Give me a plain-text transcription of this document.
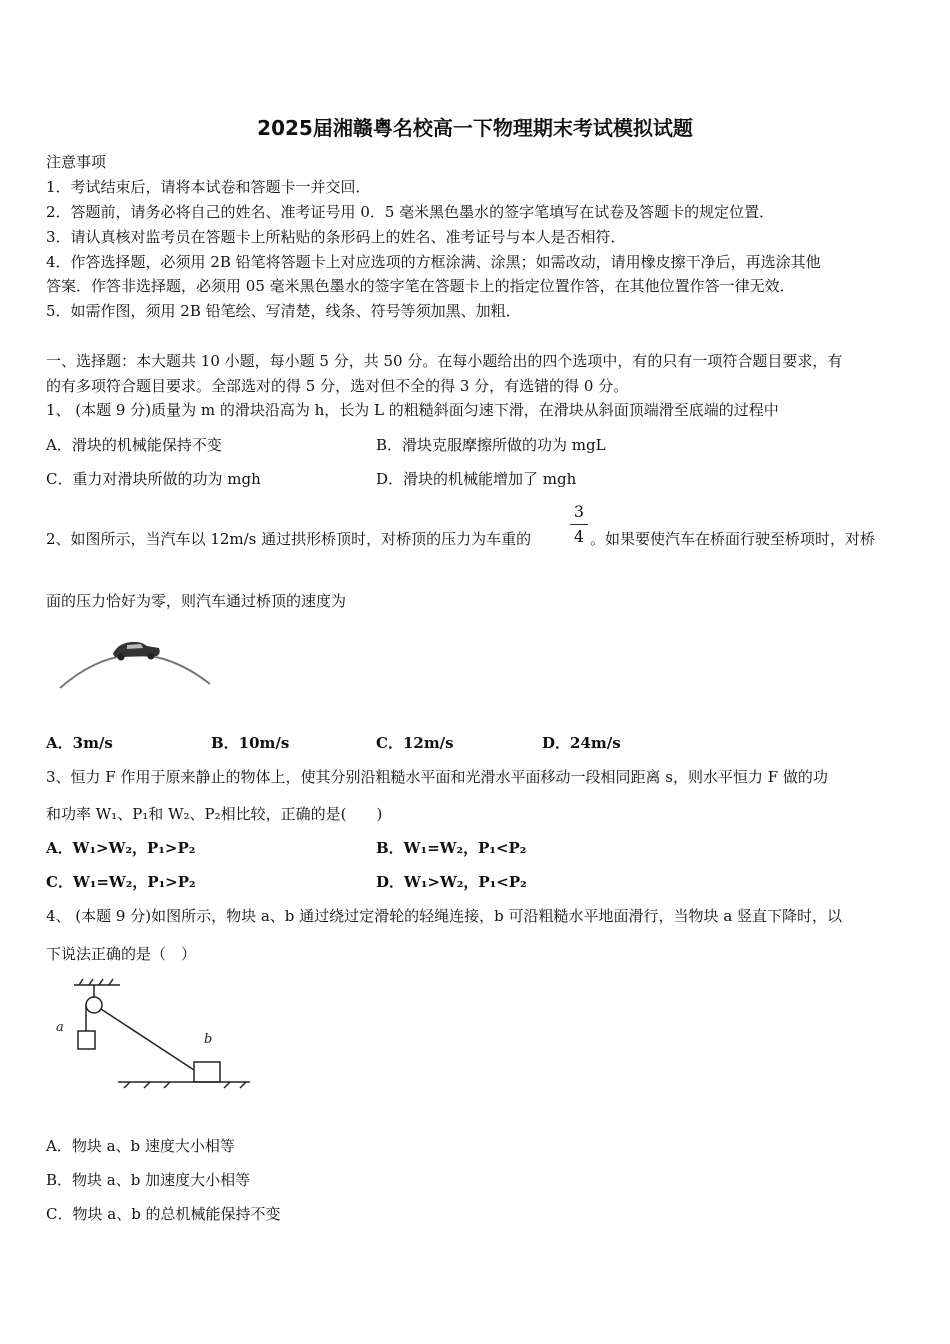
2025届湘赣粤名校高一下物理期末考试模拟试题
注意事项
1．考试结束后，请将本试卷和答题卡一并交回．
2．答题前，请务必将自己的姓名、准考证号用 0．5 毫米黑色墨水的签字笔填写在试卷及答题卡的规定位置．
3．请认真核对监考员在答题卡上所粘贴的条形码上的姓名、准考证号与本人是否相符．
4．作答选择题，必须用 2B 铅笔将答题卡上对应选项的方框涂满、涂黑；如需改动，请用橡皮擦干净后，再选涂其他
答案．作答非选择题，必须用 05 毫米黑色墨水的签字笔在答题卡上的指定位置作答，在其他位置作答一律无效．
5．如需作图，须用 2B 铅笔绘、写清楚，线条、符号等须加黑、加粗．
一、选择题：本大题共 10 小题，每小题 5 分，共 50 分。在每小题给出的四个选项中，有的只有一项符合题目要求，有
的有多项符合题目要求。全部选对的得 5 分，选对但不全的得 3 分，有选错的得 0 分。
1、 (本题 9 分)质量为 m 的滑块沿高为 h，长为 L 的粗糙斜面匀速下滑，在滑块从斜面顶端滑至底端的过程中
A．滑块的机械能保持不变	B．滑块克服摩擦所做的功为 mgL
C．重力对滑块所做的功为 mgh	D．滑块的机械能增加了 mgh
2、如图所示，当汽车以 12m/s 通过拱形桥顶时，对桥顶的压力为车重的
3
4 。如果要使汽车在桥面行驶至桥项时，对桥
面的压力恰好为零，则汽车通过桥顶的速度为
A．3m/s	B．10m/s	C．12m/s	D．24m/s
3、恒力 F 作用于原来静止的物体上，使其分别沿粗糙水平面和光滑水平面移动一段相同距离 s，则水平恒力 F 做的功
和功率 W₁、P₁和 W₂、P₂相比较，正确的是(　　)
A．W₁>W₂，P₁>P₂	B．W₁=W₂，P₁<P₂
C．W₁=W₂，P₁>P₂	D．W₁>W₂，P₁<P₂
4、 (本题 9 分)如图所示，物块 a、b 通过绕过定滑轮的轻绳连接，b 可沿粗糙水平地面滑行，当物块 a 竖直下降时，以
下说法正确的是（　）
a
b
A．物块 a、b 速度大小相等
B．物块 a、b 加速度大小相等
C．物块 a、b 的总机械能保持不变
